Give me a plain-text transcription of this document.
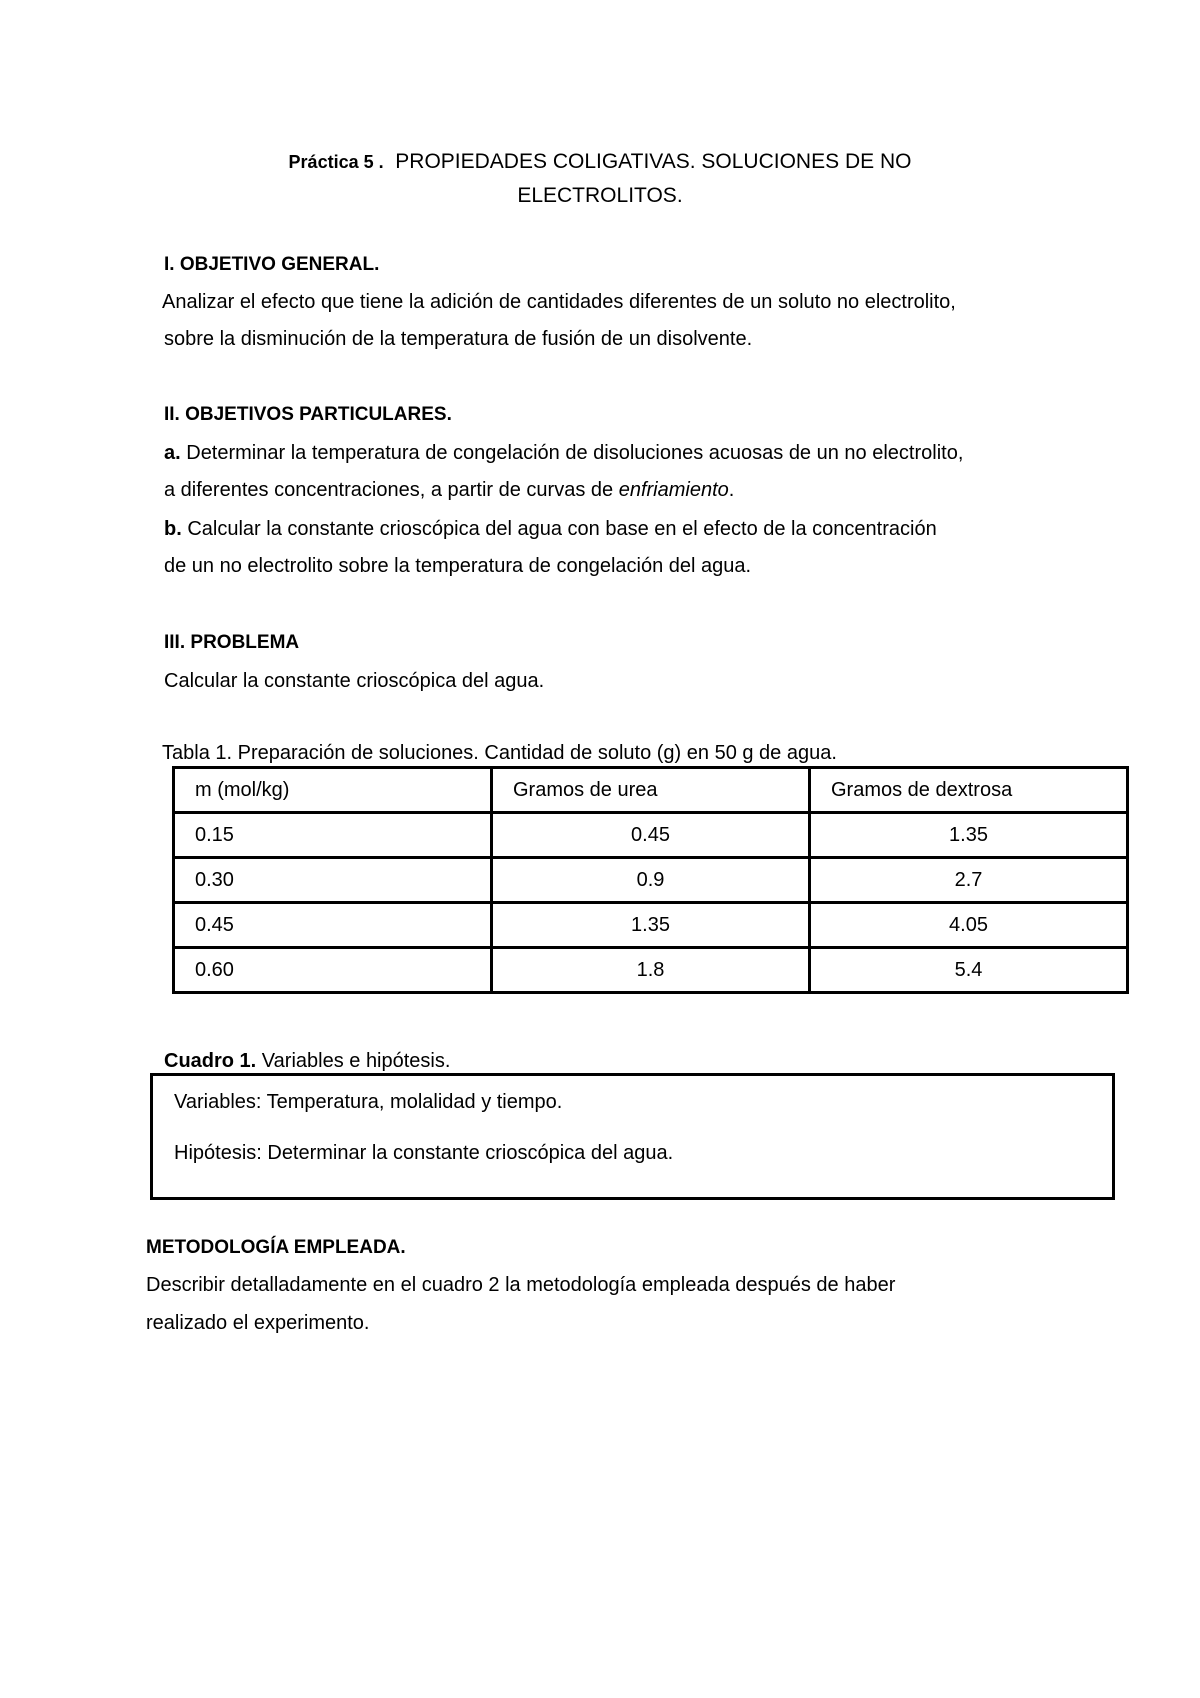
Práctica 5 . PROPIEDADES COLIGATIVAS. SOLUCIONES DE NO
ELECTROLITOS.
I. OBJETIVO GENERAL.
Analizar el efecto que tiene la adición de cantidades diferentes de un soluto no electrolito,
sobre la disminución de la temperatura de fusión de un disolvente.
II. OBJETIVOS PARTICULARES.
a. Determinar la temperatura de congelación de disoluciones acuosas de un no electrolito,
a diferentes concentraciones, a partir de curvas de enfriamiento.
b. Calcular la constante crioscópica del agua con base en el efecto de la concentración
de un no electrolito sobre la temperatura de congelación del agua.
III. PROBLEMA
Calcular la constante crioscópica del agua.
Tabla 1. Preparación de soluciones. Cantidad de soluto (g) en 50 g de agua.
m (mol/kg)	Gramos de urea	Gramos de dextrosa
0.15	0.45	1.35
0.30	0.9	2.7
0.45	1.35	4.05
0.60	1.8	5.4
Cuadro 1. Variables e hipótesis.
Variables: Temperatura, molalidad y tiempo.
Hipótesis: Determinar la constante crioscópica del agua.
METODOLOGÍA EMPLEADA.
Describir detalladamente en el cuadro 2 la metodología empleada después de haber
realizado el experimento.
